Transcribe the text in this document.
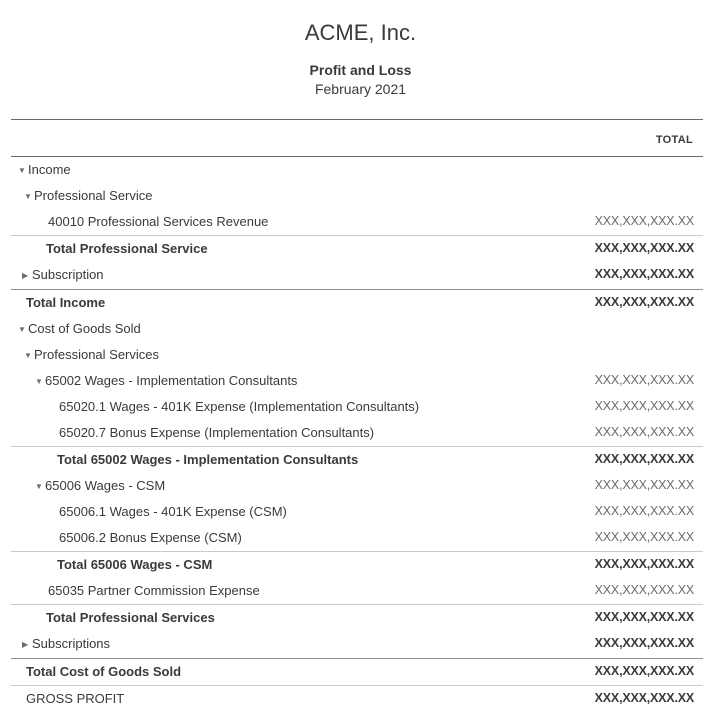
ACME, Inc.
Profit and Loss
February 2021
TOTAL
▼ Income
▼ Professional Service
40010 Professional Services Revenue	XXX,XXX,XXX.XX
Total Professional Service	XXX,XXX,XXX.XX
▶ Subscription	XXX,XXX,XXX.XX
Total Income	XXX,XXX,XXX.XX
▼ Cost of Goods Sold
▼ Professional Services
▼ 65002 Wages - Implementation Consultants	XXX,XXX,XXX.XX
65020.1 Wages - 401K Expense (Implementation Consultants)	XXX,XXX,XXX.XX
65020.7 Bonus Expense (Implementation Consultants)	XXX,XXX,XXX.XX
Total 65002 Wages - Implementation Consultants	XXX,XXX,XXX.XX
▼ 65006 Wages - CSM	XXX,XXX,XXX.XX
65006.1 Wages - 401K Expense (CSM)	XXX,XXX,XXX.XX
65006.2 Bonus Expense (CSM)	XXX,XXX,XXX.XX
Total 65006 Wages - CSM	XXX,XXX,XXX.XX
65035 Partner Commission Expense	XXX,XXX,XXX.XX
Total Professional Services	XXX,XXX,XXX.XX
▶ Subscriptions	XXX,XXX,XXX.XX
Total Cost of Goods Sold	XXX,XXX,XXX.XX
GROSS PROFIT	XXX,XXX,XXX.XX
